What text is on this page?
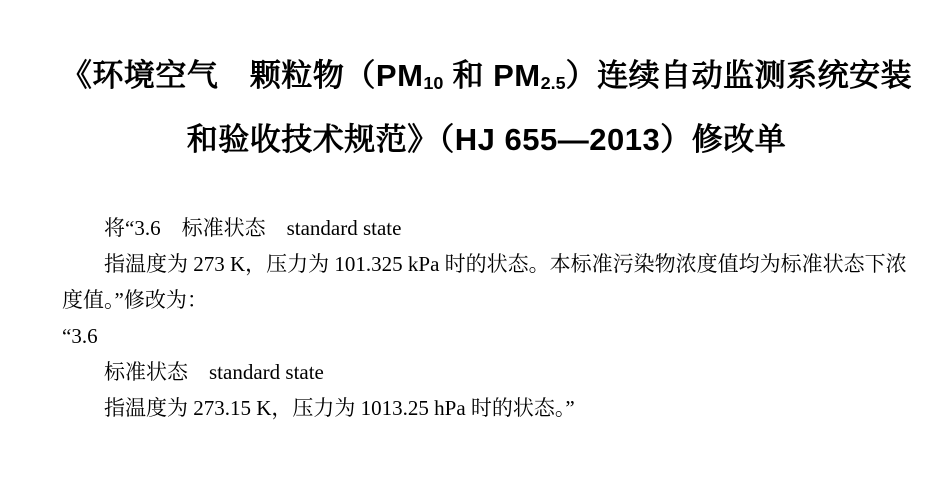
《环境空气　颗粒物（$PM_{10}$ 和 $PM_{2.5}$）连续自动监测系统安装
和验收技术规范》（HJ 655—2013）修改单

将“3.6　标准状态　standard state

指温度为 273 K，压力为 101.325 kPa 时的状态。本标准污染物浓度值均为标准状态下浓

度值。”修改为：

“3.6

标准状态　standard state

指温度为 273.15 K，压力为 1013.25 hPa 时的状态。”
